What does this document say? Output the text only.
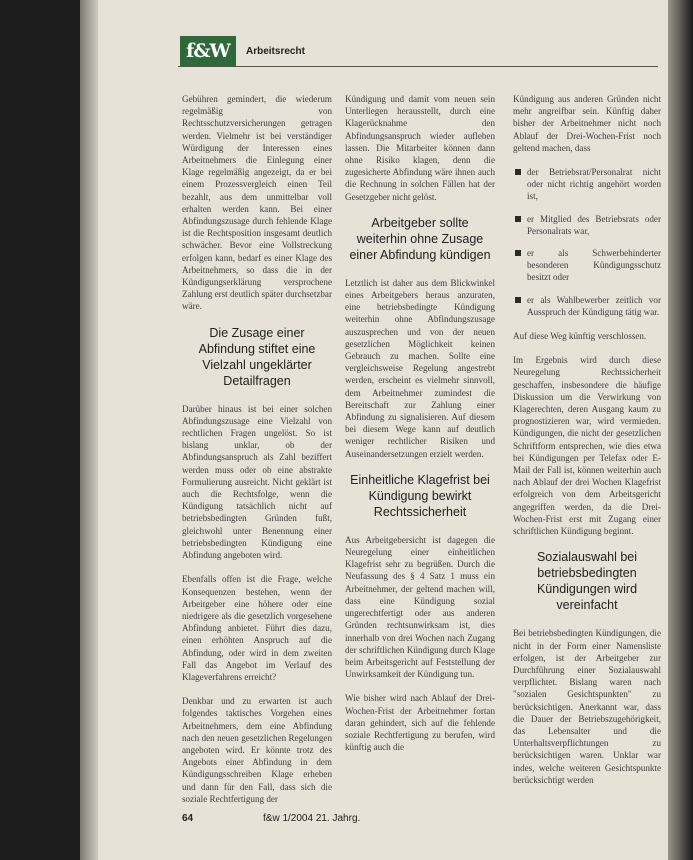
f&W	Arbeitsrecht

Gebühren gemindert, die wiederum regelmäßig von Rechtsschutzversicherungen getragen werden. Vielmehr ist bei verständiger Würdigung der Interessen eines Arbeitnehmers die Einlegung einer Klage regelmäßig angezeigt, da er bei einem Prozessvergleich einen Teil bezahlt, aus dem unmittelbar voll erhalten werden kann. Bei einer Abfindungszusage durch fehlende Klage ist die Rechtsposition insgesamt deutlich schwächer. Bevor eine Vollstreckung erfolgen kann, bedarf es einer Klage des Arbeitnehmers, so dass die in der Kündigungserklärung versprochene Zahlung erst deutlich später durchsetzbar wäre.

Die Zusage einer Abfindung stiftet eine Vielzahl ungeklärter Detailfragen

Darüber hinaus ist bei einer solchen Abfindungszusage eine Vielzahl von rechtlichen Fragen ungelöst. So ist bislang unklar, ob der Abfindungsanspruch als Zahl beziffert werden muss oder ob eine abstrakte Formulierung ausreicht. Nicht geklärt ist auch die Rechtsfolge, wenn die Kündigung tatsächlich nicht auf betriebsbedingten Gründen fußt, gleichwohl unter Benennung einer betriebsbedingten Kündigung eine Abfindung angeboten wird.

Ebenfalls offen ist die Frage, welche Konsequenzen bestehen, wenn der Arbeitgeber eine höhere oder eine niedrigere als die gesetzlich vorgesehene Abfindung anbietet. Führt dies dazu, einen erhöhten Anspruch auf die Abfindung, oder wird in dem zweiten Fall das Angebot im Verlauf des Klageverfahrens erreicht?

Denkbar und zu erwarten ist auch folgendes taktisches Vorgehen eines Arbeitnehmers, dem eine Abfindung nach den neuen gesetzlichen Regelungen angeboten wird. Er könnte trotz des Angebots einer Abfindung in dem Kündigungsschreiben Klage erheben und dann für den Fall, dass sich die soziale Rechtfertigung der

Kündigung und damit vom neuen sein Unterliegen herausstellt, durch eine Klagerücknahme den Abfindungsanspruch wieder aufleben lassen. Die Mitarbeiter können dann ohne Risiko klagen, denn die zugesicherte Abfindung wäre ihnen auch die Rechnung in solchen Fällen hat der Gesetzgeber nicht gelöst.

Arbeitgeber sollte weiterhin ohne Zusage einer Abfindung kündigen

Letztlich ist daher aus dem Blickwinkel eines Arbeitgebers heraus anzuraten, eine betriebsbedingte Kündigung weiterhin ohne Abfindungszusage auszusprechen und von der neuen gesetzlichen Möglichkeit keinen Gebrauch zu machen. Sollte eine vergleichsweise Regelung angestrebt werden, erscheint es vielmehr sinnvoll, dem Arbeitnehmer zumindest die Bereitschaft zur Zahlung einer Abfindung zu signalisieren. Auf diesem bei diesem Wege kann auf deutlich weniger rechtlicher Risiken und Auseinandersetzungen erzielt werden.

Einheitliche Klagefrist bei Kündigung bewirkt Rechtssicherheit

Aus Arbeitgebersicht ist dagegen die Neuregelung einer einheitlichen Klagefrist sehr zu begrüßen. Durch die Neufassung des § 4 Satz 1 muss ein Arbeitnehmer, der geltend machen will, dass eine Kündigung sozial ungerechtfertigt oder aus anderen Gründen rechtsunwirksam ist, dies innerhalb von drei Wochen nach Zugang der schriftlichen Kündigung durch Klage beim Arbeitsgericht auf Feststellung der Unwirksamkeit der Kündigung tun.

Wie bisher wird nach Ablauf der Drei-Wochen-Frist der Arbeitnehmer fortan daran gehindert, sich auf die fehlende soziale Rechtfertigung zu berufen, wird künftig auch die

Kündigung aus anderen Gründen nicht mehr angreifbar sein. Künftig daher bisher der Arbeitnehmer nicht noch Ablauf der Drei-Wochen-Frist noch geltend machen, dass

der Betriebsrat/Personalrat nicht oder nicht richtig angehört worden ist,
er Mitglied des Betriebsrats oder Personalrats war,
er als Schwerbehinderter besonderen Kündigungsschutz besitzt oder
er als Wahlbewerber zeitlich vor Ausspruch der Kündigung tätig war.

Auf diese Weg künftig verschlossen.

Im Ergebnis wird durch diese Neuregelung Rechtssicherheit geschaffen, insbesondere die häufige Diskussion um die Verwirkung von Klagerechten, deren Ausgang kaum zu prognostizieren war, wird vermieden. Kündigungen, die nicht der gesetzlichen Schriftform entsprechen, wie dies etwa bei Kündigungen per Telefax oder E-Mail der Fall ist, können weiterhin auch nach Ablauf der drei Wochen Klagefrist erfolgreich von dem Arbeitsgericht angegriffen werden, da die Drei-Wochen-Frist erst mit Zugang einer schriftlichen Kündigung beginnt.

Sozialauswahl bei betriebsbedingten Kündigungen wird vereinfacht

Bei betriebsbedingten Kündigungen, die nicht in der Form einer Namensliste erfolgen, ist der Arbeitgeber zur Durchführung einer Sozialauswahl verpflichtet. Bislang waren nach "sozialen Gesichtspunkten" zu berücksichtigen. Anerkannt war, dass die Dauer der Betriebszugehörigkeit, das Lebensalter und die Unterhaltsverpflichtungen zu berücksichtigen waren. Unklar war indes, welche weiteren Gesichtspunkte berücksichtigt werden

64	f&w 1/2004 21. Jahrg.
